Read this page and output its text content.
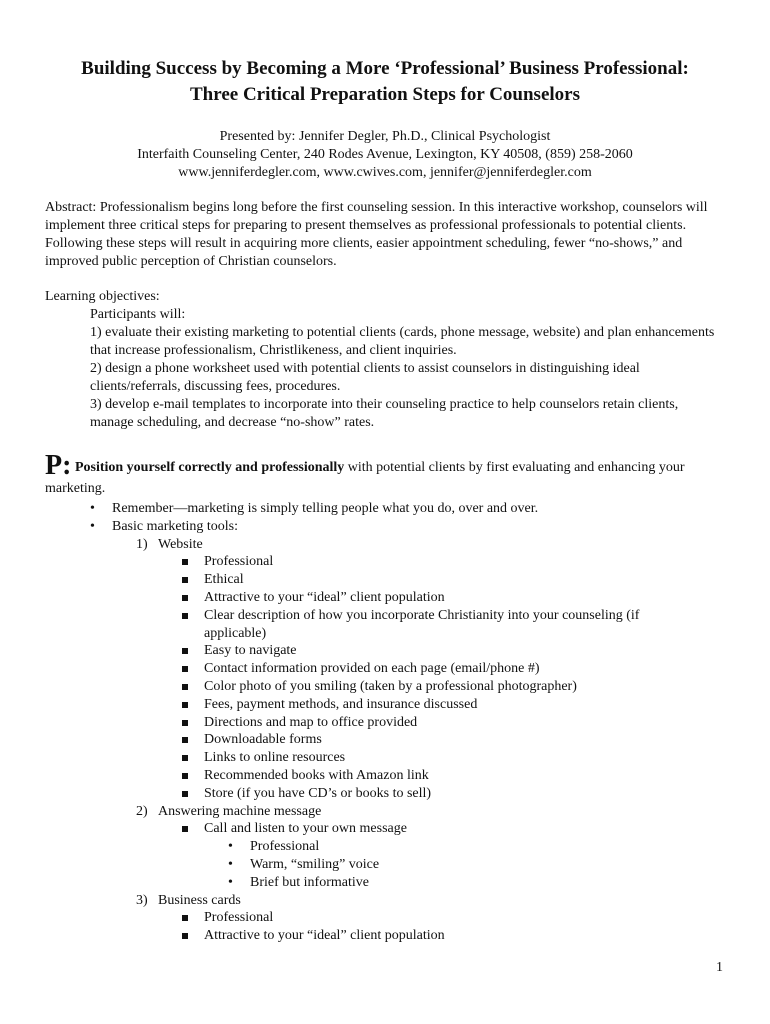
Building Success by Becoming a More ‘Professional’ Business Professional:
Three Critical Preparation Steps for Counselors
Presented by: Jennifer Degler, Ph.D., Clinical Psychologist
Interfaith Counseling Center, 240 Rodes Avenue, Lexington, KY 40508, (859) 258-2060
www.jenniferdegler.com, www.cwives.com, jennifer@jenniferdegler.com
Abstract: Professionalism begins long before the first counseling session. In this interactive workshop, counselors will implement three critical steps for preparing to present themselves as professional professionals to potential clients. Following these steps will result in acquiring more clients, easier appointment scheduling, fewer “no-shows,” and improved public perception of Christian counselors.
Learning objectives:
Participants will:
1) evaluate their existing marketing to potential clients (cards, phone message, website) and plan enhancements that increase professionalism, Christlikeness, and client inquiries.
2) design a phone worksheet used with potential clients to assist counselors in distinguishing ideal clients/referrals, discussing fees, procedures.
3) develop e-mail templates to incorporate into their counseling practice to help counselors retain clients, manage scheduling, and decrease “no-show” rates.
P: Position yourself correctly and professionally with potential clients by first evaluating and enhancing your marketing.
• Remember—marketing is simply telling people what you do, over and over.
• Basic marketing tools:
1) Website
Professional
Ethical
Attractive to your “ideal” client population
Clear description of how you incorporate Christianity into your counseling (if
applicable)
Easy to navigate
Contact information provided on each page (email/phone #)
Color photo of you smiling (taken by a professional photographer)
Fees, payment methods, and insurance discussed
Directions and map to office provided
Downloadable forms
Links to online resources
Recommended books with Amazon link
Store (if you have CD’s or books to sell)
2) Answering machine message
Call and listen to your own message
• Professional
• Warm, “smiling” voice
• Brief but informative
3) Business cards
Professional
Attractive to your “ideal” client population
1
